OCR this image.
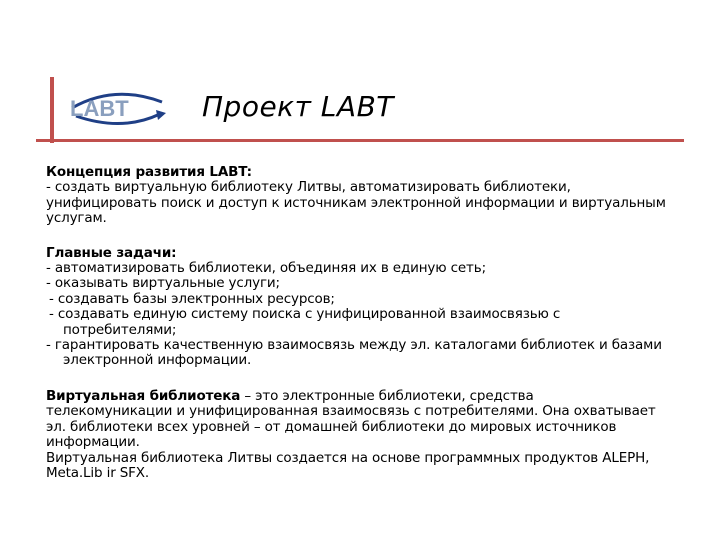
LABT	Проект LABT

Концепция развития LABT:

- создать виртуальную библиотеку Литвы, автоматизировать библиотеки,

унифицировать поиск и доступ к источникам электронной информации и виртуальным

услугам.

Главные задачи:

- автоматизировать библиотеки, объединяя их в единую сеть;

- оказывать виртуальные услуги;

- создавать базы электронных ресурсов;

- создавать единую систему поиска с унифицированной взаимосвязью с

потребителями;

- гарантировать качественную взаимосвязь между эл. каталогами библиотек и базами

электронной информации.

Виртуальная библиотека – это электронные библиотеки, средства

телекомуникации и унифицированная взаимосвязь с потребителями. Она охватывает

эл. библиотеки всех уровней – от домашней библиотеки до мировых источников

информации.

Виртуальная библиотека Литвы создается на основе программных продуктов ALEPH,

Meta.Lib ir SFX.
